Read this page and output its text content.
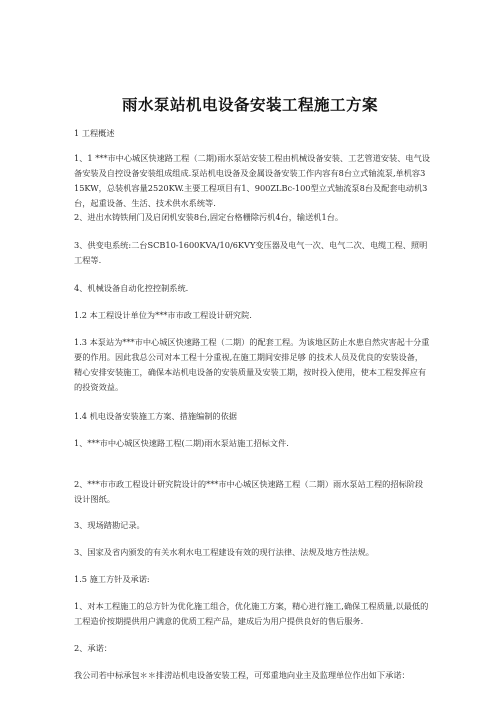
雨水泵站机电设备安装工程施工方案

1 工程概述

1、1 ***市中心城区快速路工程（二期)雨水泵站安装工程由机械设备安装、工艺管道安装、电气设备安装及自控设备安装组成组成.泵站机电设备及金属设备安装工作内容有8台立式轴流泵,单机容315KW，总装机容量2520KW.主要工程项目有1、900ZLBc-100型立式轴流泵8台及配套电动机3 台，起重设备、生活、技术供水系统等.

2、进出水铸铁闸门及启闭机安装8台,固定台格栅除污机4台，输送机1台。

3、供变电系统:二台SCB10-1600KVA/10/6KVY变压器及电气一次、电气二次、电缆工程、照明工程等.

4、机械设备自动化控控制系统.

1.2 本工程设计单位为***市市政工程设计研究院.

1.3 本泵站为***市中心城区快速路工程（二期）的配套工程。为该地区防止水患自然灾害起十分重要的作用。因此我总公司对本工程十分重视,在施工期间安排足够 的技术人员及优良的安装设备，精心安排安装施工，确保本站机电设备的安装质量及安装工期，按时投入使用，使本工程发挥应有的投资效益。

1.4 机电设备安装施工方案、措施编制的依据

1、***市中心城区快速路工程(二期)雨水泵站施工招标文件.

2、***市市政工程设计研究院设计的***市中心城区快速路工程（二期）雨水泵站工程的招标阶段设计图纸。

3、现场踏勘记录。

3、国家及省内颁发的有关水利水电工程建设有效的现行法律、法规及地方性法规。

1.5 施工方针及承诺:

1、对本工程施工的总方针为优化施工组合，优化施工方案，精心进行施工,确保工程质量,以最低的工程造价按期提供用户满意的优质工程产品，建成后为用户提供良好的售后服务.

2、承诺：

我公司若中标承包＊＊排涝站机电设备安装工程，可郑重地向业主及监理单位作出如下承诺：
